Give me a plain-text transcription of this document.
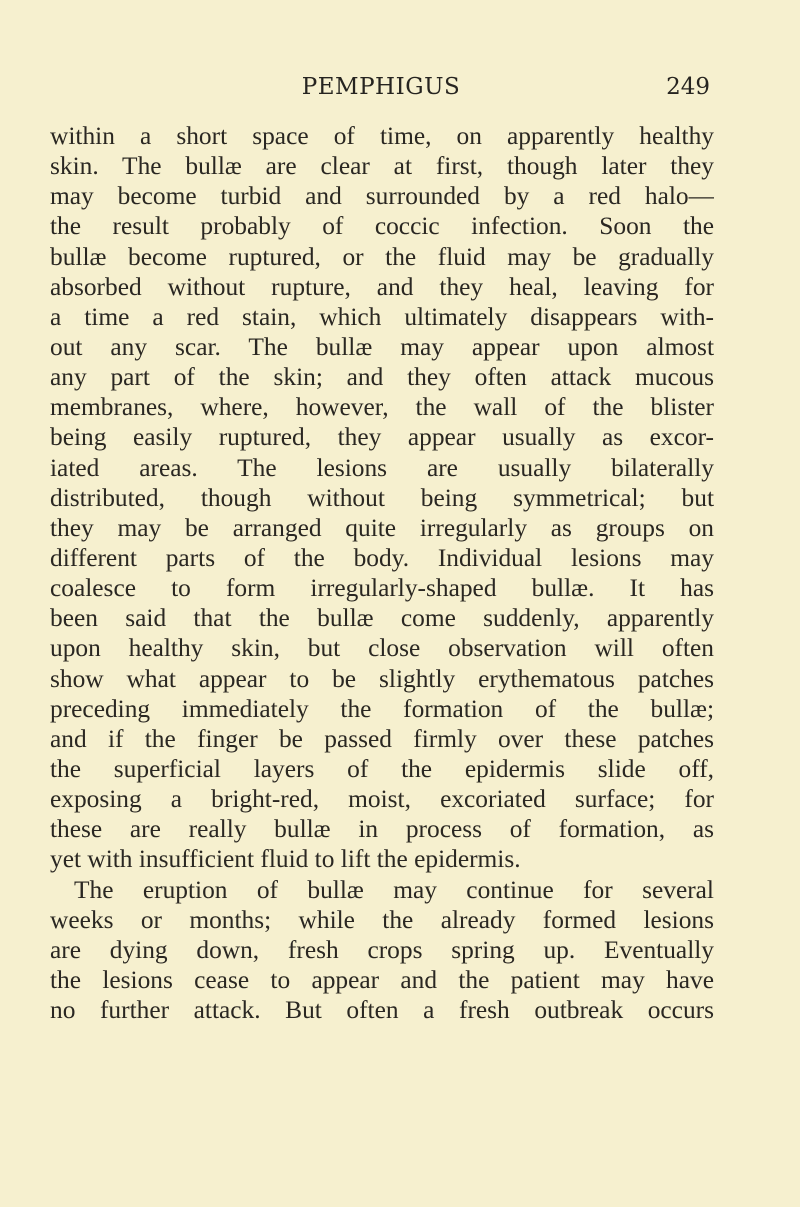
PEMPHIGUS	249
within a short space of time, on apparently healthy
skin. The bullæ are clear at first, though later they
may become turbid and surrounded by a red halo—
the result probably of coccic infection. Soon the
bullæ become ruptured, or the fluid may be gradually
absorbed without rupture, and they heal, leaving for
a time a red stain, which ultimately disappears with-
out any scar. The bullæ may appear upon almost
any part of the skin; and they often attack mucous
membranes, where, however, the wall of the blister
being easily ruptured, they appear usually as excor-
iated areas. The lesions are usually bilaterally
distributed, though without being symmetrical; but
they may be arranged quite irregularly as groups on
different parts of the body. Individual lesions may
coalesce to form irregularly-shaped bullæ. It has
been said that the bullæ come suddenly, apparently
upon healthy skin, but close observation will often
show what appear to be slightly erythematous patches
preceding immediately the formation of the bullæ;
and if the finger be passed firmly over these patches
the superficial layers of the epidermis slide off,
exposing a bright-red, moist, excoriated surface; for
these are really bullæ in process of formation, as
yet with insufficient fluid to lift the epidermis.
The eruption of bullæ may continue for several
weeks or months; while the already formed lesions
are dying down, fresh crops spring up. Eventually
the lesions cease to appear and the patient may have
no further attack. But often a fresh outbreak occurs
